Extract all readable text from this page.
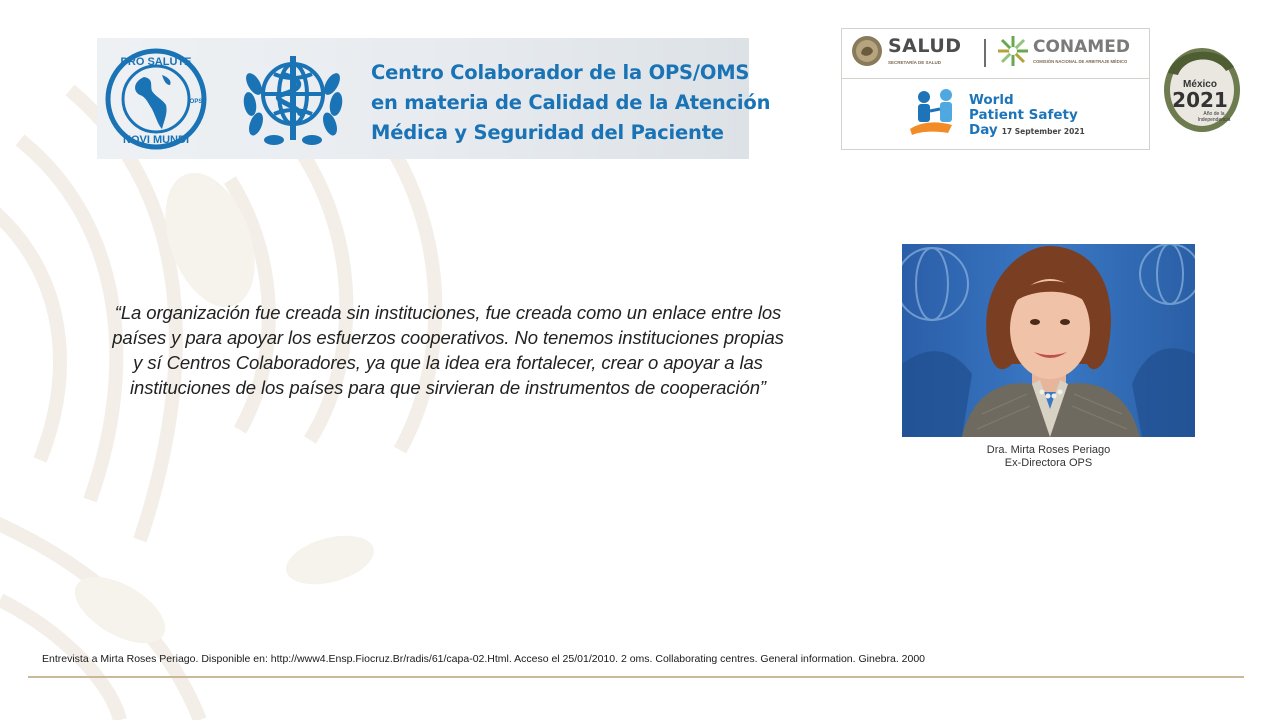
PRO SALUTE
NOVI MUNDI
OPS
Centro Colaborador de la OPS/OMS
en materia de Calidad de la Atención
Médica y Seguridad del Paciente
SALUD
SECRETARÍA DE SALUD
CONAMED
COMISIÓN NACIONAL DE ARBITRAJE MÉDICO
World
Patient Safety
Day 17 September 2021
México
2021
Año de la
Independencia
“La organización fue creada sin instituciones, fue creada como un enlace entre los
países y para apoyar los esfuerzos cooperativos. No tenemos instituciones propias
y sí Centros Colaboradores, ya que la idea era fortalecer, crear o apoyar a las
instituciones de los países para que sirvieran de instrumentos de cooperación”
Dra. Mirta Roses Periago
Ex-Directora OPS
Entrevista a Mirta Roses Periago. Disponible en: http://www4.Ensp.Fiocruz.Br/radis/61/capa-02.Html. Acceso el 25/01/2010. 2 oms. Collaborating centres. General information. Ginebra. 2000
